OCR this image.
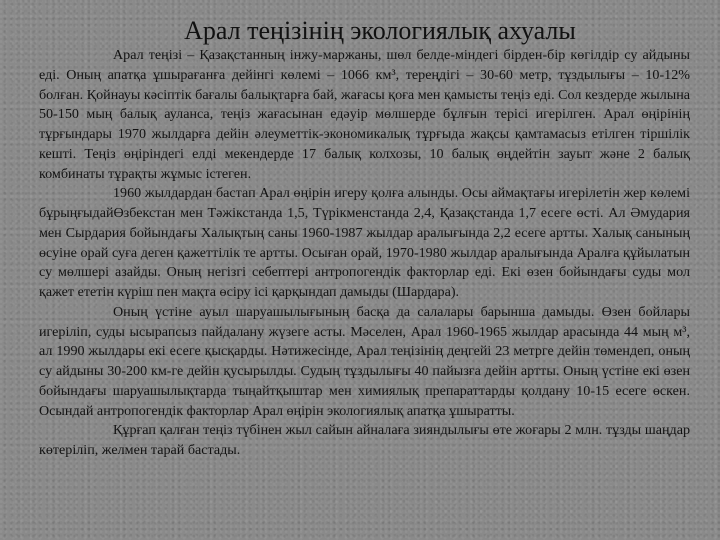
Арал теңізінің экологиялық ахуалы

Арал теңізі – Қазақстанның інжу-маржаны, шөл белде-міндегі бірден-бір көгілдір су айдыны еді. Оның апатқа ұшырағанға дейінгі көлемі – 1066 км³, тереңдігі – 30-60 метр, тұздылығы – 10-12% болған. Қойнауы кәсіптік бағалы балықтарға бай, жағасы қоға мен қамысты теңіз еді. Сол кездерде жылына 50-150 мың балық ауланса, теңіз жағасынан едәуір мөлшерде бұлғын терісі игерілген. Арал өңірінің тұрғындары 1970 жылдарға дейін әлеуметтік-экономикалық тұрғыда жақсы қамтамасыз етілген тіршілік кешті. Теңіз өңіріндегі елді мекендерде 17 балық колхозы, 10 балық өңдейтін зауыт және 2 балық комбинаты тұрақты жұмыс істеген.

1960 жылдардан бастап Арал өңірін игеру қолға алынды. Осы аймақтағы игерілетін жер көлемі бұрыңғыдайӨзбекстан мен Тәжікстанда 1,5, Түрікменстанда 2,4, Қазақстанда 1,7 есеге өсті. Ал Әмудария мен Сырдария бойындағы Халықтың саны 1960-1987 жылдар аралығында 2,2 есеге артты. Халық санының өсуіне орай суға деген қажеттілік те артты. Осыған орай, 1970-1980 жылдар аралығында Аралға құйылатын су мөлшері азайды. Оның негізгі себептері антропогендік факторлар еді. Екі өзен бойындағы суды мол қажет ететін күріш пен мақта өсіру ісі қарқындап дамыды (Шардара).

Оның үстіне ауыл шаруашылығының басқа да салалары барынша дамыды. Өзен бойлары игеріліп, суды ысырапсыз пайдалану жүзеге асты. Мәселен, Арал 1960-1965 жылдар арасында 44 мың м³, ал 1990 жылдары екі есеге қысқарды. Нәтижесінде, Арал теңізінің деңгейі 23 метрге дейін төмендеп, оның су айдыны 30-200 км-ге дейін қусырылды. Судың тұздылығы 40 пайызға дейін артты. Оның үстіне екі өзен бойындағы шаруашылықтарда тыңайтқыштар мен химиялық препараттарды қолдану 10-15 есеге өскен. Осындай антропогендік факторлар Арал өңірін экологиялық апатқа ұшыратты.

Құрғап қалған теңіз түбінен жыл сайын айналаға зияндылығы өте жоғары 2 млн. тұзды шаңдар көтеріліп, желмен тарай бастады.
